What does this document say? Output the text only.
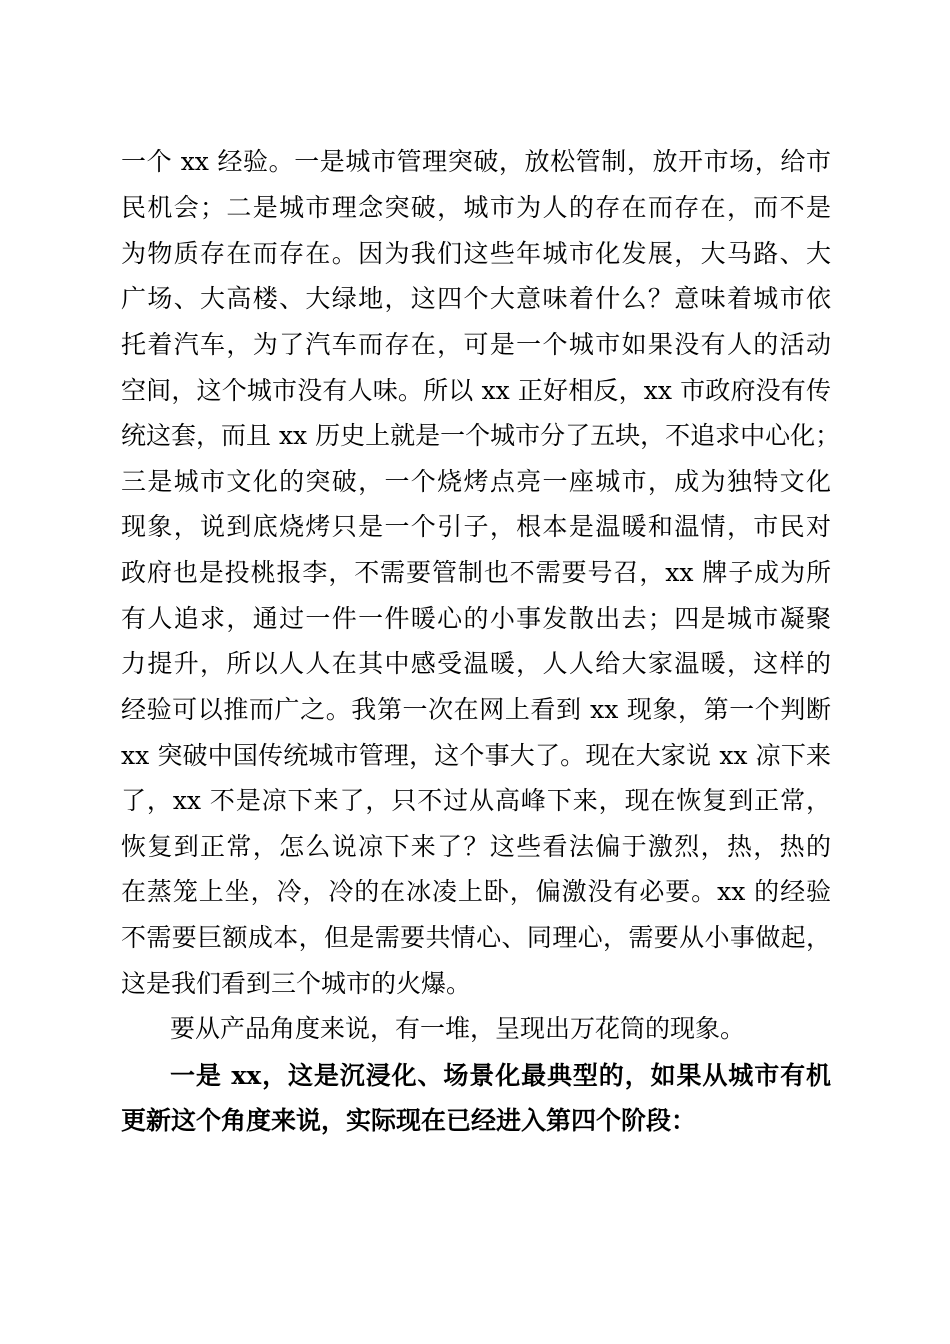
一个 xx 经验。一是城市管理突破，放松管制，放开市场，给市
民机会；二是城市理念突破，城市为人的存在而存在，而不是
为物质存在而存在。因为我们这些年城市化发展，大马路、大
广场、大高楼、大绿地，这四个大意味着什么？意味着城市依
托着汽车，为了汽车而存在，可是一个城市如果没有人的活动
空间，这个城市没有人味。所以 xx 正好相反，xx 市政府没有传
统这套，而且 xx 历史上就是一个城市分了五块，不追求中心化；
三是城市文化的突破，一个烧烤点亮一座城市，成为独特文化
现象，说到底烧烤只是一个引子，根本是温暖和温情，市民对
政府也是投桃报李，不需要管制也不需要号召，xx 牌子成为所
有人追求，通过一件一件暖心的小事发散出去；四是城市凝聚
力提升，所以人人在其中感受温暖，人人给大家温暖，这样的
经验可以推而广之。我第一次在网上看到 xx 现象，第一个判断
xx 突破中国传统城市管理，这个事大了。现在大家说 xx 凉下来
了，xx 不是凉下来了，只不过从高峰下来，现在恢复到正常，
恢复到正常，怎么说凉下来了？这些看法偏于激烈，热，热的
在蒸笼上坐，冷，冷的在冰凌上卧，偏激没有必要。xx 的经验
不需要巨额成本，但是需要共情心、同理心，需要从小事做起，
这是我们看到三个城市的火爆。
要从产品角度来说，有一堆，呈现出万花筒的现象。
一是 xx，这是沉浸化、场景化最典型的，如果从城市有机
更新这个角度来说，实际现在已经进入第四个阶段：
